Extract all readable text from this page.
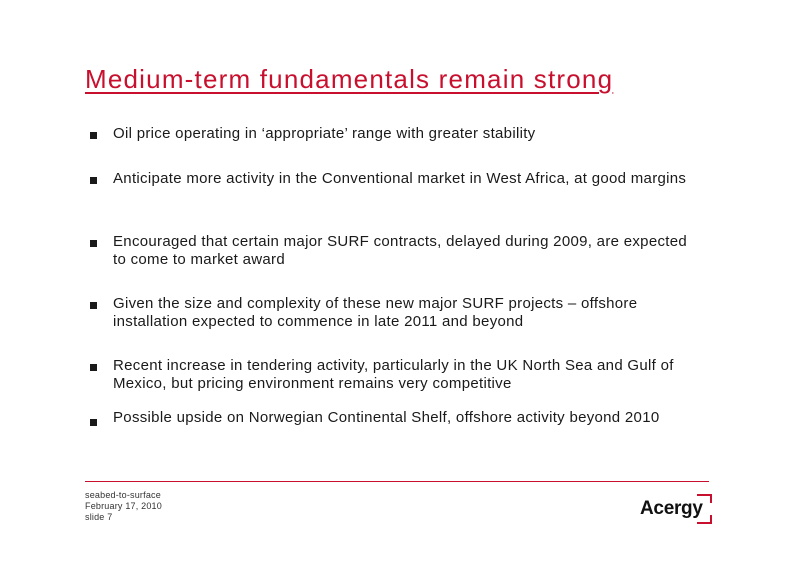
Medium-term fundamentals remain strong
Oil price operating in ‘appropriate’ range with greater stability
Anticipate more activity in the Conventional market in West Africa, at good margins
Encouraged that certain major SURF contracts, delayed during 2009, are expected to come to market award
Given the size and complexity of these new major SURF projects – offshore installation expected to commence in late 2011 and beyond
Recent increase in tendering activity, particularly in the UK North Sea and Gulf of Mexico, but pricing environment remains very competitive
Possible upside on Norwegian Continental Shelf, offshore activity beyond 2010
seabed-to-surface
February 17, 2010
slide 7	Acergy
